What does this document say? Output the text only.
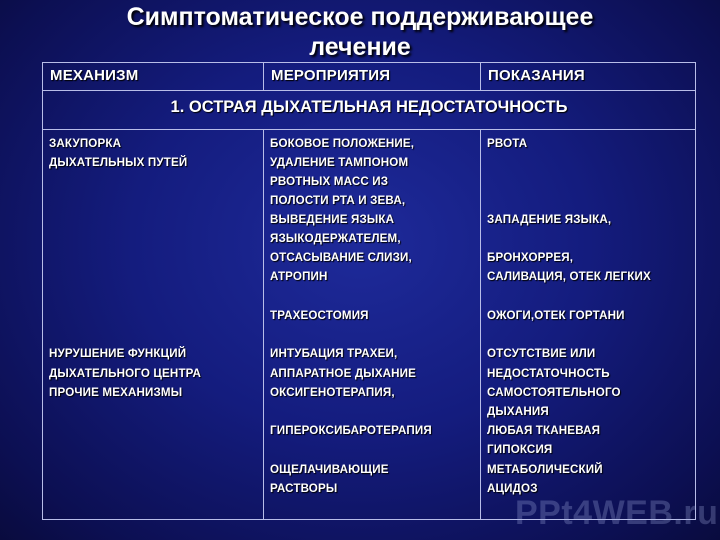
Симптоматическое поддерживающее
лечение
МЕХАНИЗМ	МЕРОПРИЯТИЯ	ПОКАЗАНИЯ
1. ОСТРАЯ ДЫХАТЕЛЬНАЯ НЕДОСТАТОЧНОСТЬ
ЗАКУПОРКА
ДЫХАТЕЛЬНЫХ ПУТЕЙ
НУРУШЕНИЕ ФУНКЦИЙ
ДЫХАТЕЛЬНОГО ЦЕНТРА
ПРОЧИЕ МЕХАНИЗМЫ
БОКОВОЕ ПОЛОЖЕНИЕ,
УДАЛЕНИЕ ТАМПОНОМ
РВОТНЫХ МАСС ИЗ
ПОЛОСТИ РТА И ЗЕВА,
ВЫВЕДЕНИЕ ЯЗЫКА
ЯЗЫКОДЕРЖАТЕЛЕМ,
ОТСАСЫВАНИЕ СЛИЗИ,
АТРОПИН
ТРАХЕОСТОМИЯ
ИНТУБАЦИЯ ТРАХЕИ,
АППАРАТНОЕ ДЫХАНИЕ
ОКСИГЕНОТЕРАПИЯ,
ГИПЕРОКСИБАРОТЕРАПИЯ
ОЩЕЛАЧИВАЮЩИЕ
РАСТВОРЫ
РВОТА
ЗАПАДЕНИЕ ЯЗЫКА,
БРОНХОРРЕЯ,
САЛИВАЦИЯ, ОТЕК ЛЕГКИХ
ОЖОГИ,ОТЕК ГОРТАНИ
ОТСУТСТВИЕ ИЛИ
НЕДОСТАТОЧНОСТЬ
САМОСТОЯТЕЛЬНОГО
ДЫХАНИЯ
ЛЮБАЯ ТКАНЕВАЯ
ГИПОКСИЯ
МЕТАБОЛИЧЕСКИЙ
АЦИДОЗ
PPt4WEB.ru
